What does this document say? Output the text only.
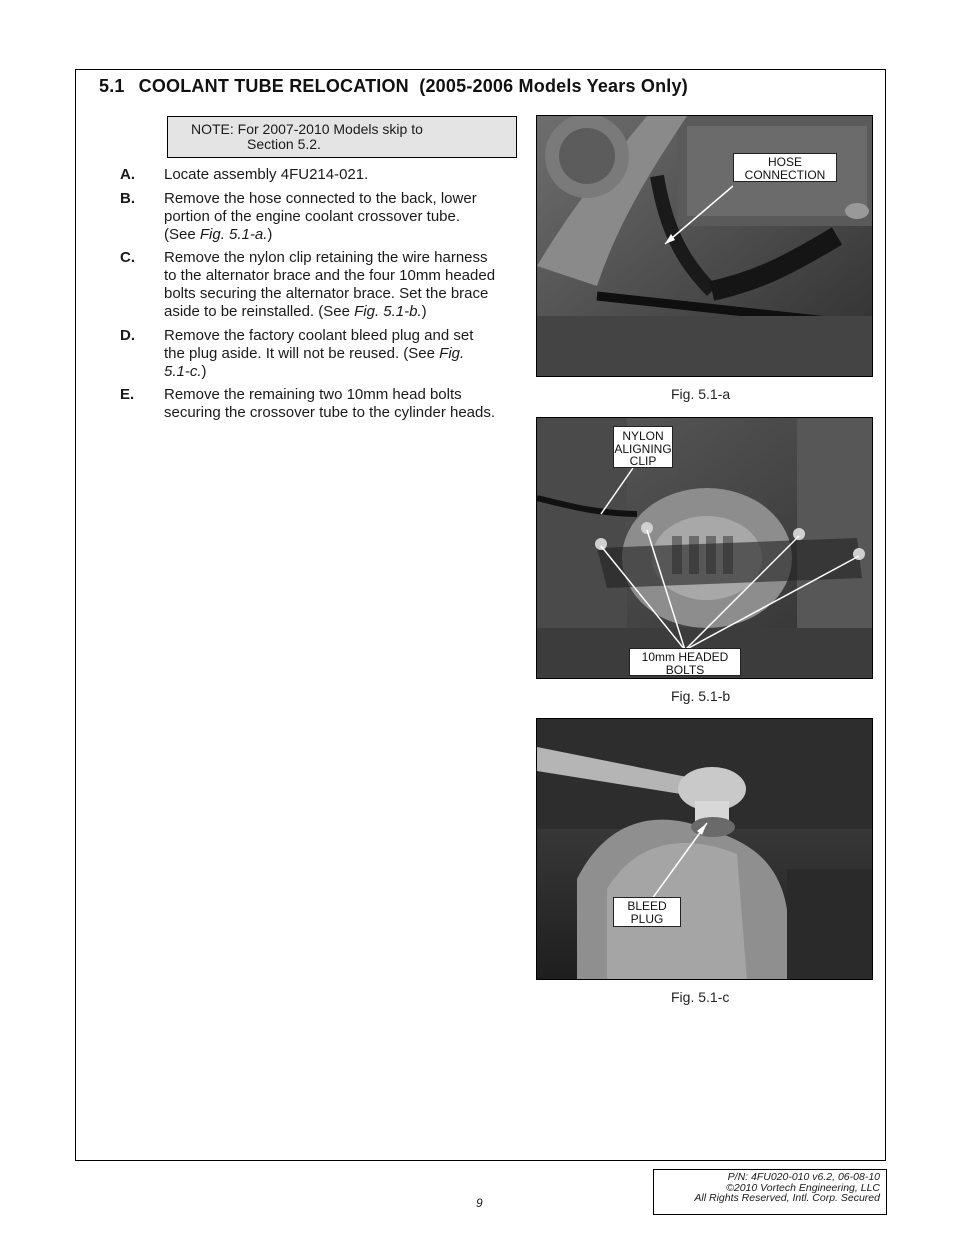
5.1 COOLANT TUBE RELOCATION (2005-2006 Models Years Only)
NOTE: For 2007-2010 Models skip to
Section 5.2.
A. Locate assembly 4FU214-021.
B. Remove the hose connected to the back, lower
portion of the engine coolant crossover tube.
(See Fig. 5.1-a.)
C. Remove the nylon clip retaining the wire harness
to the alternator brace and the four 10mm headed
bolts securing the alternator brace. Set the brace
aside to be reinstalled. (See Fig. 5.1-b.)
D. Remove the factory coolant bleed plug and set
the plug aside. It will not be reused. (See Fig.
5.1-c.)
E. Remove the remaining two 10mm head bolts
securing the crossover tube to the cylinder heads.
HOSE
CONNECTION
Fig. 5.1-a
NYLON
ALIGNING
CLIP
10mm HEADED
BOLTS
Fig. 5.1-b
BLEED
PLUG
Fig. 5.1-c
9
P/N: 4FU020-010 v6.2, 06-08-10
©2010 Vortech Engineering, LLC
All Rights Reserved, Intl. Corp. Secured
